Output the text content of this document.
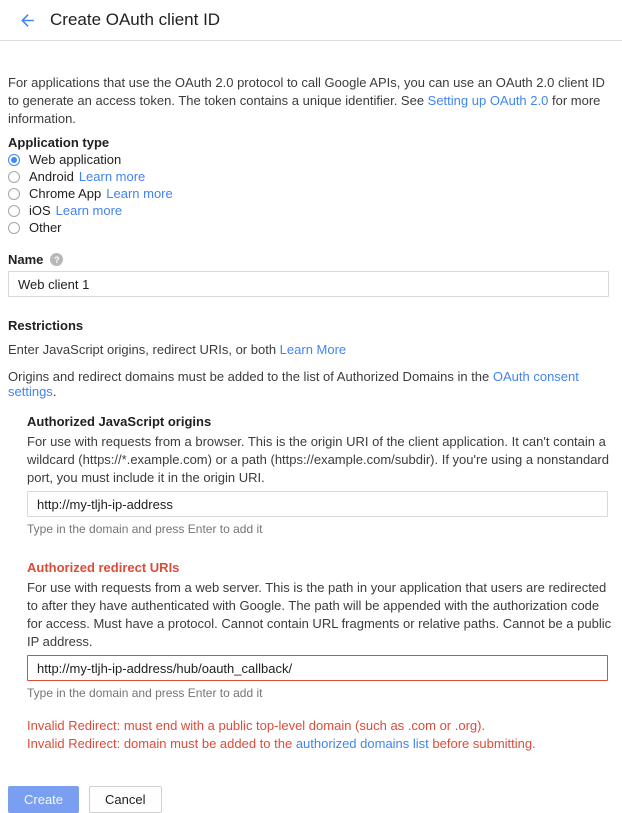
Create OAuth client ID

For applications that use the OAuth 2.0 protocol to call Google APIs, you can use an OAuth 2.0 client ID to generate an access token. The token contains a unique identifier. See Setting up OAuth 2.0 for more information.

Application type
Web application
Android Learn more
Chrome App Learn more
iOS Learn more
Other
Name
?
Web client 1
Restrictions
Enter JavaScript origins, redirect URIs, or both Learn More
Origins and redirect domains must be added to the list of Authorized Domains in the OAuth consent settings.
Authorized JavaScript origins
For use with requests from a browser. This is the origin URI of the client application. It can't contain a wildcard (https://*.example.com) or a path (https://example.com/subdir). If you're using a nonstandard port, you must include it in the origin URI.
http://my-tljh-ip-address
Type in the domain and press Enter to add it
Authorized redirect URIs
For use with requests from a web server. This is the path in your application that users are redirected to after they have authenticated with Google. The path will be appended with the authorization code for access. Must have a protocol. Cannot contain URL fragments or relative paths. Cannot be a public IP address.
http://my-tljh-ip-address/hub/oauth_callback/
Type in the domain and press Enter to add it
Invalid Redirect: must end with a public top-level domain (such as .com or .org).
Invalid Redirect: domain must be added to the authorized domains list before submitting.
Create	Cancel
